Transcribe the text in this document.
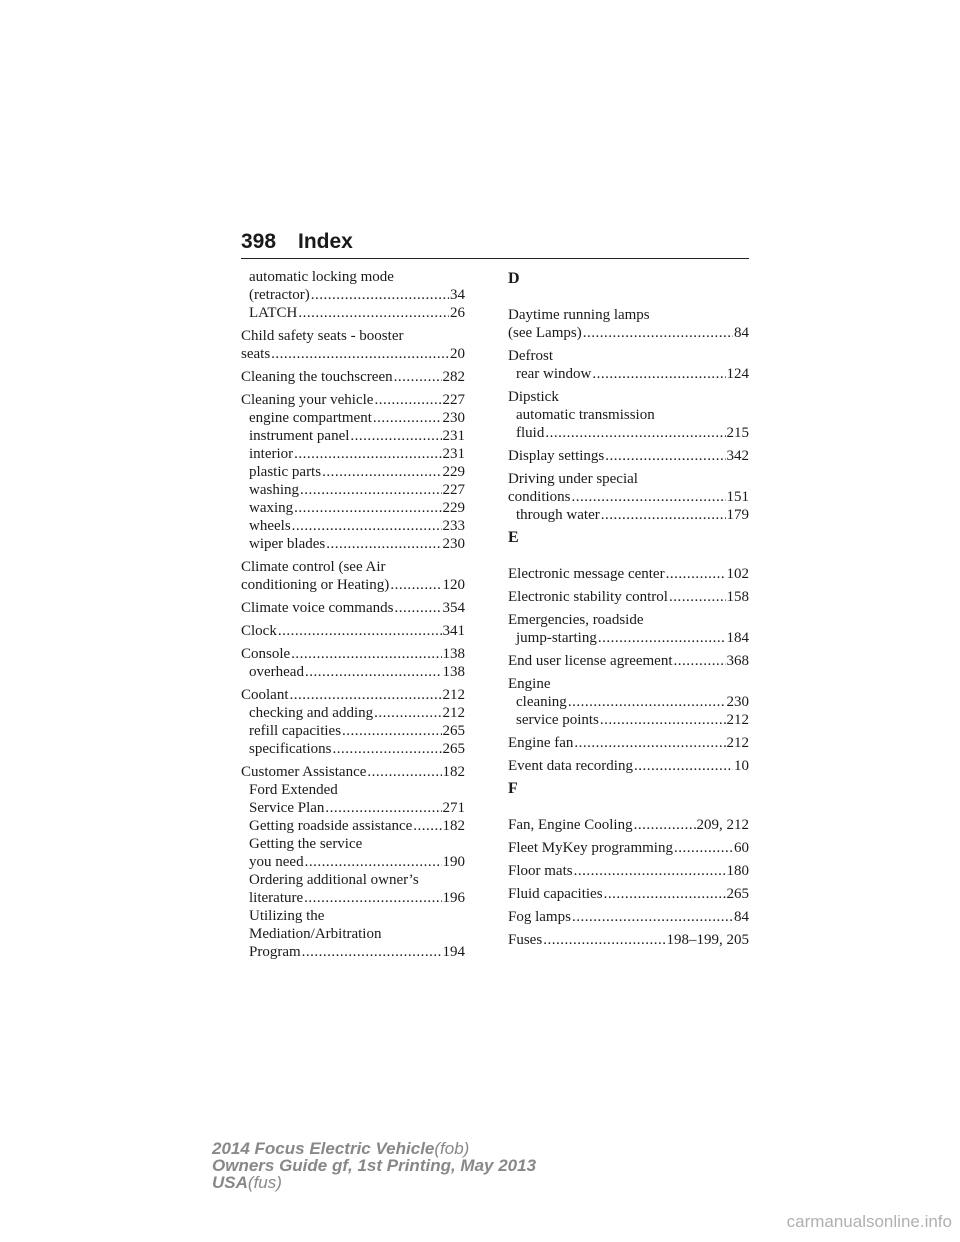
398 Index
automatic locking mode
(retractor) .....	34
LATCH .....	26
Child safety seats - booster
seats .....	20
Cleaning the touchscreen .....	282
Cleaning your vehicle .....	227
engine compartment .....	230
instrument panel .....	231
interior .....	231
plastic parts .....	229
washing .....	227
waxing .....	229
wheels .....	233
wiper blades .....	230
Climate control (see Air
conditioning or Heating) .....	120
Climate voice commands .....	354
Clock .....	341
Console .....	138
overhead .....	138
Coolant .....	212
checking and adding .....	212
refill capacities .....	265
specifications .....	265
Customer Assistance .....	182
Ford Extended
Service Plan .....	271
Getting roadside assistance ..... 182
Getting the service
you need .....	190
Ordering additional owner’s
literature .....	196
Utilizing the
Mediation/Arbitration
Program .....	194
D
Daytime running lamps
(see Lamps) .....	84
Defrost
rear window .....	124
Dipstick
automatic transmission
fluid .....	215
Display settings .....	342
Driving under special
conditions .....	151
through water .....	179
E
Electronic message center .....	102
Electronic stability control .....	158
Emergencies, roadside
jump-starting .....	184
End user license agreement .....	368
Engine
cleaning .....	230
service points .....	212
Engine fan .....	212
Event data recording .....	10
F
Fan, Engine Cooling .....	209, 212
Fleet MyKey programming .....	60
Floor mats .....	180
Fluid capacities .....	265
Fog lamps .....	84
Fuses .....	198–199, 205
2014 Focus Electric Vehicle(fob)
Owners Guide gf, 1st Printing, May 2013
USA(fus)
carmanualsonline.info
